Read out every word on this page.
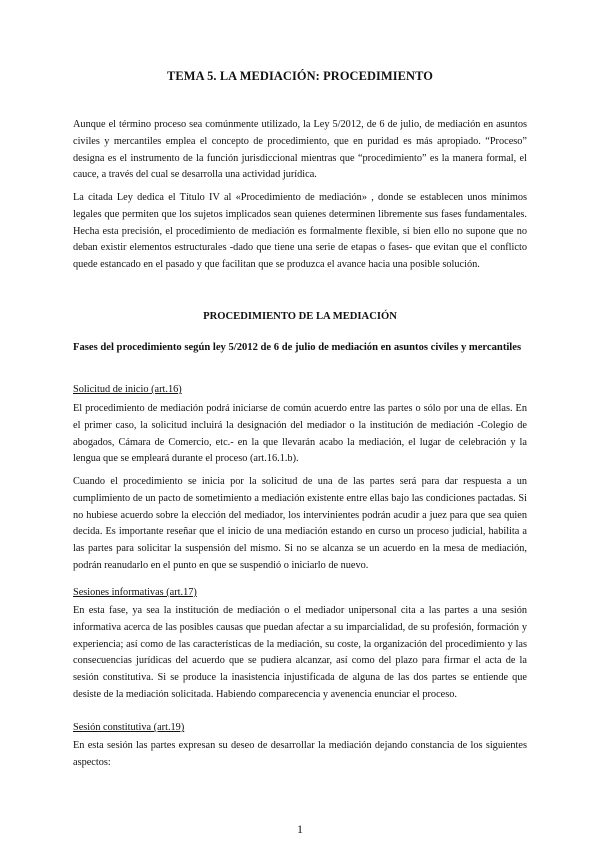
TEMA 5. LA MEDIACIÓN: PROCEDIMIENTO
Aunque el término proceso sea comúnmente utilizado, la Ley 5/2012, de 6 de julio, de mediación en asuntos civiles y mercantiles emplea el concepto de procedimiento, que en puridad es más apropiado. “Proceso” designa es el instrumento de la función jurisdiccional mientras que “procedimiento” es la manera formal, el cauce, a través del cual se desarrolla una actividad jurídica.
La citada Ley dedica el Título IV al «Procedimiento de mediación» , donde se establecen unos mínimos legales que permiten que los sujetos implicados sean quienes determinen libremente sus fases fundamentales. Hecha esta precisión, el procedimiento de mediación es formalmente flexible, si bien ello no supone que no deban existir elementos estructurales -dado que tiene una serie de etapas o fases- que evitan que el conflicto quede estancado en el pasado y que facilitan que se produzca el avance hacia una posible solución.
PROCEDIMIENTO DE LA MEDIACIÓN
Fases del procedimiento según ley 5/2012 de 6 de julio de mediación en asuntos civiles y mercantiles
Solicitud de inicio (art.16)
El procedimiento de mediación podrá iniciarse de común acuerdo entre las partes o sólo por una de ellas. En el primer caso, la solicitud incluirá la designación del mediador o la institución de mediación -Colegio de abogados, Cámara de Comercio, etc.- en la que llevarán acabo la mediación, el lugar de celebración y la lengua que se empleará durante el proceso (art.16.1.b).
Cuando el procedimiento se inicia por la solicitud de una de las partes será para dar respuesta a un cumplimiento de un pacto de sometimiento a mediación existente entre ellas bajo las condiciones pactadas. Si no hubiese acuerdo sobre la elección del mediador, los intervinientes podrán acudir a juez para que sea quien decida. Es importante reseñar que el inicio de una mediación estando en curso un proceso judicial, habilita a las partes para solicitar la suspensión del mismo. Si no se alcanza se un acuerdo en la mesa de mediación, podrán reanudarlo en el punto en que se suspendió o iniciarlo de nuevo.
Sesiones informativas (art.17)
En esta fase, ya sea la institución de mediación o el mediador unipersonal cita a las partes a una sesión informativa acerca de las posibles causas que puedan afectar a su imparcialidad, de su profesión, formación y experiencia; así como de las características de la mediación, su coste, la organización del procedimiento y las consecuencias jurídicas del acuerdo que se pudiera alcanzar, así como del plazo para firmar el acta de la sesión constitutiva. Si se produce la inasistencia injustificada de alguna de las dos partes se entiende que desiste de la mediación solicitada. Habiendo comparecencia y avenencia enunciar el proceso.
Sesión constitutiva (art.19)
En esta sesión las partes expresan su deseo de desarrollar la mediación dejando constancia de los siguientes aspectos:
1
